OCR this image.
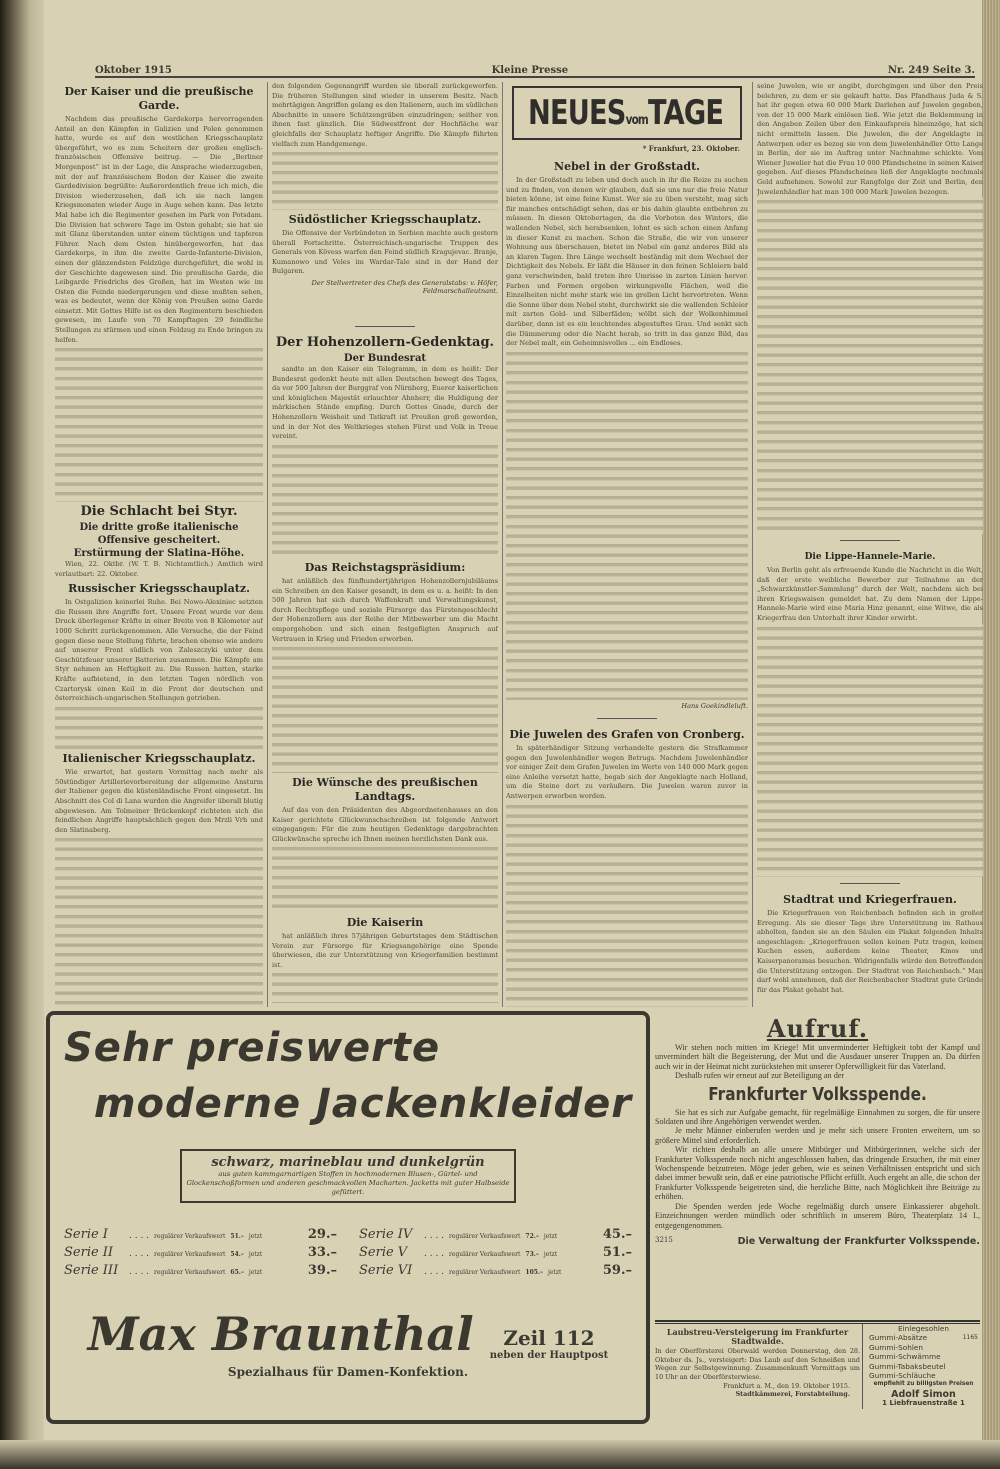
Oktober 1915	Kleine Presse	Nr. 249 Seite 3.
Der Kaiser und die preußische Garde.
Nachdem das preußische Gardekorps hervorragenden Anteil an den Kämpfen in Galizien und Polen genommen hatte, wurde es auf den westlichen Kriegsschauplatz übergeführt, wo es zum Scheitern der großen englisch-französischen Offensive beitrug. — Die „Berliner Morgenpost“ ist in der Lage, die Ansprache wiederzugeben, mit der auf französischem Boden der Kaiser die zweite Gardedivision begrüßte: Außerordentlich freue ich mich, die Division wiederzusehen, daß ich sie nach langen Kriegsmonaten wieder Auge in Auge sehen kann. Das letzte Mal habe ich die Regimenter gesehen im Park von Potsdam. Die Division hat schwere Tage im Osten gehabt; sie hat sie mit Glanz überstanden unter einem tüchtigen und tapferen Führer. Nach dem Osten hinübergeworfen, hat das Gardekorps, in ihm die zweite Garde-Infanterie-Division, einen der glänzendsten Feldzüge durchgeführt, die wohl in der Geschichte dagewesen sind. Die preußische Garde, die Leibgarde Friedrichs des Großen, hat im Westen wie im Osten die Feinde niedergerungen und diese mußten sehen, was es bedeutet, wenn der König von Preußen seine Garde einsetzt. Mit Gottes Hilfe ist es den Regimentern beschieden gewesen, im Laufe von 70 Kampftagen 29 feindliche Stellungen zu stürmen und einen Feldzug zu Ende bringen zu helfen.
Die Schlacht bei Styr.
Die dritte große italienische Offensive gescheitert.
Erstürmung der Slatina-Höhe.
Wien, 22. Oktbr. (W. T. B. Nichtamtlich.) Amtlich wird verlautbart: 22. Oktober.
Russischer Kriegsschauplatz.
In Ostgalizien keinerlei Ruhe. Bei Nowo-Alexiniec setzten die Russen ihre Angriffe fort. Unsere Front wurde vor dem Druck überlegener Kräfte in einer Breite von 8 Kilometer auf 1000 Schritt zurückgenommen. Alle Versuche, die der Feind gegen diese neue Stellung führte, brachen ebenso wie andere auf unserer Front südlich von Zaleszczyki unter dem Geschützfeuer unserer Batterien zusammen. Die Kämpfe am Styr nehmen an Heftigkeit zu. Die Russen hatten, starke Kräfte aufbietend, in den letzten Tagen nördlich von Czartorysk einen Keil in die Front der deutschen und österreichisch-ungarischen Stellungen getrieben.
Italienischer Kriegsschauplatz.
Wie erwartet, hat gestern Vormittag nach mehr als 50stündiger Artillerievorbereitung der allgemeine Ansturm der Italiener gegen die küstenländische Front eingesetzt. Im Abschnitt des Col di Lana wurden die Angreifer überall blutig abgewiesen. Am Tolmeiner Brückenkopf richteten sich die feindlichen Angriffe hauptsächlich gegen den Mrzli Vrh und den Slatinaberg.
den folgenden Gegenangriff wurden sie überall zurückgeworfen. Die früheren Stellungen sind wieder in unserem Besitz. Nach mehrtägigen Angriffen gelang es den Italienern, auch im südlichen Abschnitte in unsere Schützengräben einzudringen; seither von ihnen fast gänzlich. Die Südwestfront der Hochfläche war gleichfalls der Schauplatz heftiger Angriffe. Die Kämpfe führten vielfach zum Handgemenge.
Südöstlicher Kriegsschauplatz.
Die Offensive der Verbündeten in Serbien machte auch gestern überall Fortschritte. Österreichisch-ungarische Truppen des Generals von Kövess warfen den Feind südlich Kragujevac. Branje, Kumanowo und Veles im Wardar-Tale sind in der Hand der Bulgaren.
Der Stellvertreter des Chefs des Generalstabs: v. Höfer, Feldmarschalleutnant.
Der Hohenzollern-Gedenktag.
Der Bundesrat
sandte an den Kaiser ein Telegramm, in dem es heißt: Der Bundesrat gedenkt heute mit allen Deutschen bewegt des Tages, da vor 500 Jahren der Burggraf von Nürnberg, Euerer kaiserlichen und königlichen Majestät erlauchter Ahnherr, die Huldigung der märkischen Stände empfing. Durch Gottes Gnade, durch der Hohenzollern Weisheit und Tatkraft ist Preußen groß geworden, und in der Not des Weltkrieges stehen Fürst und Volk in Treue vereint.
Das Reichstagspräsidium:
hat anläßlich des fünfhundertjährigen Hohenzollernjubiläums ein Schreiben an den Kaiser gesandt, in dem es u. a. heißt: In den 500 Jahren hat sich durch Waffenkraft und Verwaltungskunst, durch Rechtspflege und soziale Fürsorge das Fürstengeschlecht der Hohenzollern aus der Reihe der Mitbewerber um die Macht emporgehoben und sich einen festgefügten Anspruch auf Vertrauen in Krieg und Frieden erworben.
Die Wünsche des preußischen Landtags.
Auf das von den Präsidenten des Abgeordnetenhauses an den Kaiser gerichtete Glückwunschschreiben ist folgende Antwort eingegangen: Für die zum heutigen Gedenktage dargebrachten Glückwünsche spreche ich Ihnen meinen herzlichsten Dank aus.
Die Kaiserin
hat anläßlich ihres 57jährigen Geburtstages dem Städtischen Verein zur Fürsorge für Kriegsangehörige eine Spende überwiesen, die zur Unterstützung von Kriegerfamilien bestimmt ist.
NEUESvomTAGE
* Frankfurt, 23. Oktober.
Nebel in der Großstadt.
In der Großstadt zu leben und doch auch in ihr die Reize zu suchen und zu finden, von denen wir glauben, daß sie uns nur die freie Natur bieten könne, ist eine feine Kunst. Wer sie zu üben versteht, mag sich für manches entschädigt sehen, das er bis dahin glaubte entbehren zu müssen. In diesen Oktobertagen, da die Vorboten des Winters, die wallenden Nebel, sich herabsenken, lohnt es sich schon einen Anfang in dieser Kunst zu machen. Schon die Straße, die wir von unserer Wohnung aus überschauen, bietet im Nebel ein ganz anderes Bild als an klaren Tagen. Ihre Länge wechselt beständig mit dem Wechsel der Dichtigkeit des Nebels. Er läßt die Häuser in den feinen Schleiern bald ganz verschwinden, bald treten ihre Umrisse in zarten Linien hervor. Farben und Formen ergeben wirkungsvolle Flächen, weil die Einzelheiten nicht mehr stark wie im grellen Licht hervortreten. Wenn die Sonne über dem Nebel steht, durchwirkt sie die wallenden Schleier mit zarten Gold- und Silberfäden; wölbt sich der Wolkenhimmel darüber, dann ist es ein leuchtendes abgestuftes Grau. Und senkt sich die Dämmerung oder die Nacht herab, so tritt in das ganze Bild, das der Nebel malt, ein Geheimnisvolles ... ein Endloses.
Hans Goekindleluft.
Die Juwelen des Grafen von Cronberg.
In späterhändiger Sitzung verhandelte gestern die Strafkammer gegen den Juwelenhändler wegen Betrugs. Nachdem Juwelenhändler vor einiger Zeit dem Grafen Juwelen im Werte von 140 000 Mark gegen eine Anleihe versetzt hatte, begab sich der Angeklagte nach Holland, um die Steine dort zu veräußern. Die Juwelen waren zuvor in Antwerpen erworben worden.
seine Juwelen, wie er angibt, durchgingen und über den Preis belehren, zu dem er sie gekauft hatte. Das Pfandhaus Juda & S. hat ihr gegen etwa 60 000 Mark Darlehen auf Juwelen gegeben, von der 15 000 Mark einlösen ließ. Wie jetzt die Beklemmung in den Angaben Zeilen über den Einkaufspreis hineinzöge, hat sich nicht ermitteln lassen. Die Juwelen, die der Angeklagte in Antwerpen oder es bezog sie von dem Juwelenhändler Otto Lange in Berlin, der sie im Auftrag unter Nachnahme schickte. Vom Wiener Juwelier hat die Frau 10 000 Pfandscheine in seinen Kaiser gegeben. Auf dieses Pfandscheines ließ der Angeklagte nochmals Geld aufnehmen. Sowohl zur Rangfolge der Zeit und Berlin, den Juwelenhändler hat man 100 000 Mark Juwelen bezogen.
Die Lippe-Hannele-Marie.
Von Berlin geht als erfreuende Kunde die Nachricht in die Welt, daß der erste weibliche Bewerber zur Teilnahme an der „Schwarzkünstler-Sammlung“ durch der Welt, nachdem sich bei ihren Kriegswaisen gemeldet hat. Zu dem Namen der Lippe-Hannele-Marie wird eine Maria Hinz genannt, eine Witwe, die als Kriegerfrau den Unterhalt ihrer Kinder erwirbt.
Stadtrat und Kriegerfrauen.
Die Kriegerfrauen von Reichenbach befinden sich in großer Erregung. Als sie dieser Tage ihre Unterstützung im Rathaus abholten, fanden sie an den Säulen ein Plakat folgenden Inhalts angeschlagen: „Kriegerfrauen sollen keinen Putz tragen, keinen Kuchen essen, außerdem keine Theater, Kinos und Kaiserpanoramas besuchen. Widrigenfalls würde den Betreffenden die Unterstützung entzogen. Der Stadtrat von Reichenbach.“ Man darf wohl annehmen, daß der Reichenbacher Stadtrat gute Gründe für das Plakat gehabt hat.
Sehr preiswerte
moderne Jackenkleider
schwarz, marineblau und dunkelgrün
aus guten kammgarnartigen Stoffen in hochmodernen Blusen-, Gürtel- und Glockenschoßformen und anderen geschmackvollen Macharten. Jacketts mit guter Halbseide gefüttert.
Serie I	. . . . regulärer Verkaufswert 51.– jetzt	29.– Serie IV	. . . . regulärer Verkaufswert 72.– jetzt	45.–
Serie II	. . . . regulärer Verkaufswert 54.– jetzt	33.– Serie V	. . . . regulärer Verkaufswert 73.– jetzt	51.–
Serie III	. . . . regulärer Verkaufswert 65.– jetzt	39.– Serie VI	. . . . regulärer Verkaufswert 105.– jetzt	59.–
Max Braunthal	Zeil 112
neben der Hauptpost
Spezialhaus für Damen-Konfektion.
Aufruf.

Wir stehen noch mitten im Kriege! Mit unverminderter Heftigkeit tobt der Kampf und unvermindert hält die Begeisterung, der Mut und die Ausdauer unserer Truppen an. Da dürfen auch wir in der Heimat nicht zurückstehen mit unserer Opferwilligkeit für das Vaterland.

Deshalb rufen wir erneut auf zur Beteiligung an der

Frankfurter Volksspende.

Sie hat es sich zur Aufgabe gemacht, für regelmäßige Einnahmen zu sorgen, die für unsere Soldaten und ihre Angehörigen verwendet werden.

Je mehr Männer einberufen werden und je mehr sich unsere Fronten erweitern, um so größere Mittel sind erforderlich.

Wir richten deshalb an alle unsere Mitbürger und Mitbürgerinnen, welche sich der Frankfurter Volksspende noch nicht angeschlossen haben, das dringende Ersuchen, ihr mit einer Wochenspende beizutreten. Möge jeder geben, wie es seinen Verhältnissen entspricht und sich dabei immer bewußt sein, daß er eine patriotische Pflicht erfüllt. Auch ergeht an alle, die schon der Frankfurter Volksspende beigetreten sind, die herzliche Bitte, nach Möglichkeit ihre Beiträge zu erhöhen.

Die Spenden werden jede Woche regelmäßig durch unsere Einkassierer abgeholt. Einzeichnungen werden mündlich oder schriftlich in unserem Büro, Theaterplatz 14 I., entgegengenommen.

3215	Die Verwaltung der Frankfurter Volksspende.
Laubstreu-Versteigerung im Frankfurter Stadtwalde.
In der Oberförsterei Oberwald werden Donnerstag, den 28. Oktober ds. Js., versteigert: Das Laub auf den Schneißen und Wegen zur Selbstgewinnung. Zusammenkunft Vormittags um 10 Uhr an der Oberförsterwiese.
Frankfurt a. M., den 19. Oktober 1915.
Stadtkämmerei, Forstabteilung.
Einlegesohlen
Gummi-Absätze	1165
Gummi-Sohlen
Gummi-Schwämme
Gummi-Tabaksbeutel
Gummi-Schläuche
empfiehlt zu billigsten Preisen
Adolf Simon
1 Liebfrauenstraße 1
